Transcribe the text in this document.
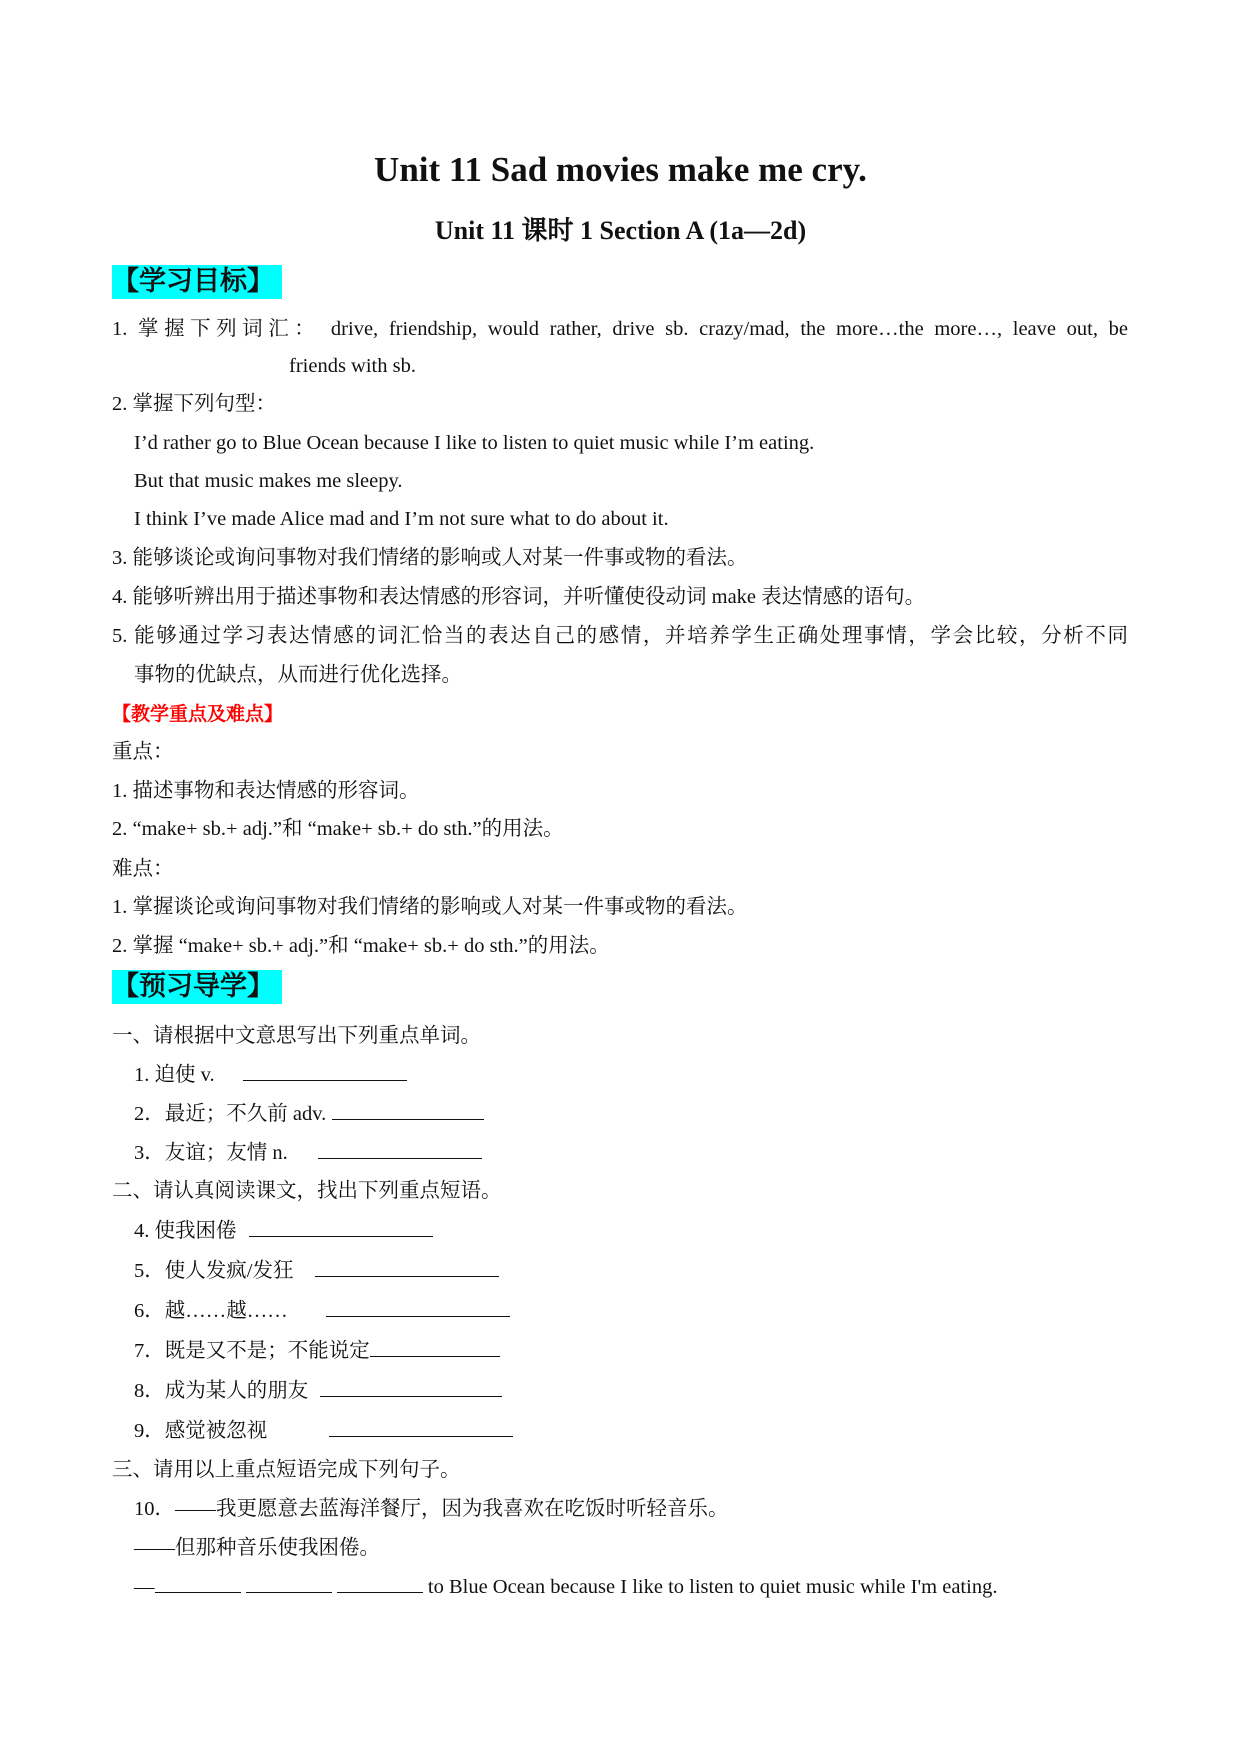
Unit 11 Sad movies make me cry.
Unit 11 课时 1 Section A (1a—2d)
【学习目标】
1. 掌握下列词汇： drive, friendship, would rather, drive sb. crazy/mad, the more…the more…, leave out, be
friends with sb.
2. 掌握下列句型：
I’d rather go to Blue Ocean because I like to listen to quiet music while I’m eating.
But that music makes me sleepy.
I think I’ve made Alice mad and I’m not sure what to do about it.
3. 能够谈论或询问事物对我们情绪的影响或人对某一件事或物的看法。
4. 能够听辨出用于描述事物和表达情感的形容词，并听懂使役动词 make 表达情感的语句。
5. 能够通过学习表达情感的词汇恰当的表达自己的感情，并培养学生正确处理事情，学会比较，分析不同
事物的优缺点，从而进行优化选择。
【教学重点及难点】
重点：
1. 描述事物和表达情感的形容词。
2. “make+ sb.+ adj.”和 “make+ sb.+ do sth.”的用法。
难点：
1. 掌握谈论或询问事物对我们情绪的影响或人对某一件事或物的看法。
2. 掌握 “make+ sb.+ adj.”和 “make+ sb.+ do sth.”的用法。
【预习导学】
一、请根据中文意思写出下列重点单词。
1. 迫使 v.
2．最近；不久前 adv.
3．友谊；友情 n.
二、请认真阅读课文，找出下列重点短语。
4. 使我困倦
5．使人发疯/发狂
6．越……越……
7．既是又不是；不能说定
8．成为某人的朋友
9．感觉被忽视
三、请用以上重点短语完成下列句子。
10．——我更愿意去蓝海洋餐厅，因为我喜欢在吃饭时听轻音乐。
——但那种音乐使我困倦。
—	to Blue Ocean because I like to listen to quiet music while I'm eating.
